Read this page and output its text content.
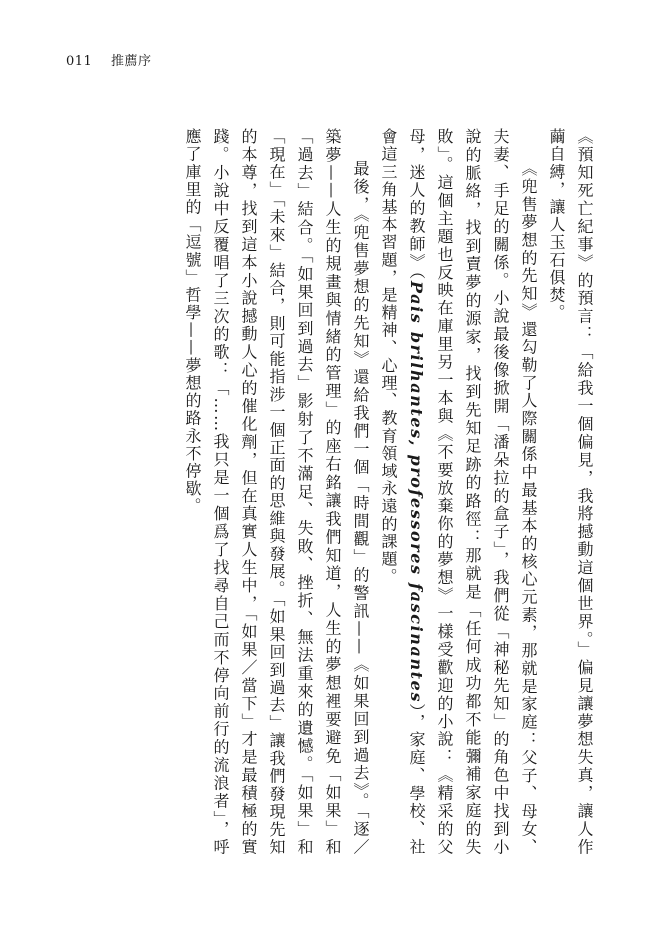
011 推薦序

《預知死亡紀事》的預言：「給我一個偏見，我將撼動這個世界。」偏見讓夢想失真，讓人作繭自縛，讓人玉石俱焚。

《兜售夢想的先知》還勾勒了人際關係中最基本的核心元素，那就是家庭：父子、母女、夫妻、手足的關係。小說最後像掀開「潘朵拉的盒子」，我們從「神秘先知」的角色中找到小說的脈絡，找到賣夢的源家，找到先知足跡的路徑：那就是「任何成功都不能彌補家庭的失敗」。這個主題也反映在庫里另一本與《不要放棄你的夢想》一樣受歡迎的小說：《精采的父母，迷人的教師》（Pais brilhantes, professores fascinantes），家庭、學校、社會這三角基本習題，是精神、心理、教育領域永遠的課題。

最後，《兜售夢想的先知》還給我們一個「時間觀」的警訊——《如果回到過去》。「逐／築夢——人生的規畫與情緒的管理」的座右銘讓我們知道，人生的夢想裡要避免「如果」和「過去」結合。「如果回到過去」影射了不滿足、失敗、挫折、無法重來的遺憾。「如果」和「現在」「未來」結合，則可能指涉一個正面的思維與發展。「如果回到過去」讓我們發現先知的本尊，找到這本小說撼動人心的催化劑，但在真實人生中，「如果／當下」才是最積極的實踐。小說中反覆唱了三次的歌：「……我只是一個爲了找尋自己而不停向前行的流浪者」，呼應了庫里的「逗號」哲學——夢想的路永不停歇。
